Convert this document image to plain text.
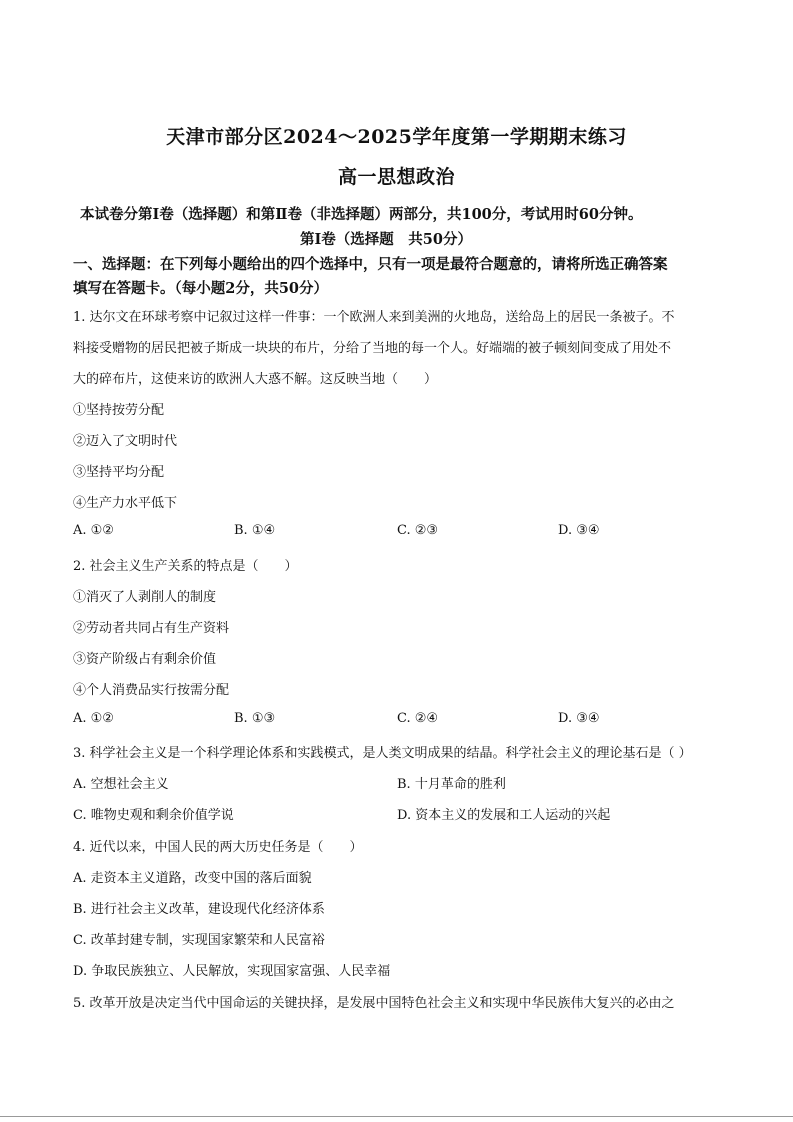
天津市部分区2024～2025学年度第一学期期末练习
高一思想政治
本试卷分第Ⅰ卷（选择题）和第Ⅱ卷（非选择题）两部分，共100分，考试用时60分钟。
第Ⅰ卷（选择题　共50分）
一、选择题：在下列每小题给出的四个选择中，只有一项是最符合题意的，请将所选正确答案
填写在答题卡。（每小题2分，共50分）
1. 达尔文在环球考察中记叙过这样一件事：一个欧洲人来到美洲的火地岛，送给岛上的居民一条被子。不
料接受赠物的居民把被子斯成一块块的布片，分给了当地的每一个人。好端端的被子顿刻间变成了用处不
大的碎布片，这使来访的欧洲人大惑不解。这反映当地（　　）
①坚持按劳分配
②迈入了文明时代
③坚持平均分配
④生产力水平低下
A. ①②	B. ①④	C. ②③	D. ③④
2. 社会主义生产关系的特点是（　　）
①消灭了人剥削人的制度
②劳动者共同占有生产资料
③资产阶级占有剩余价值
④个人消费品实行按需分配
A. ①②	B. ①③	C. ②④	D. ③④
3. 科学社会主义是一个科学理论体系和实践模式，是人类文明成果的结晶。科学社会主义的理论基石是（ ）
A. 空想社会主义	B. 十月革命的胜利
C. 唯物史观和剩余价值学说	D. 资本主义的发展和工人运动的兴起
4. 近代以来，中国人民的两大历史任务是（　　）
A. 走资本主义道路，改变中国的落后面貌
B. 进行社会主义改革，建设现代化经济体系
C. 改革封建专制，实现国家繁荣和人民富裕
D. 争取民族独立、人民解放，实现国家富强、人民幸福
5. 改革开放是决定当代中国命运的关键抉择，是发展中国特色社会主义和实现中华民族伟大复兴的必由之
